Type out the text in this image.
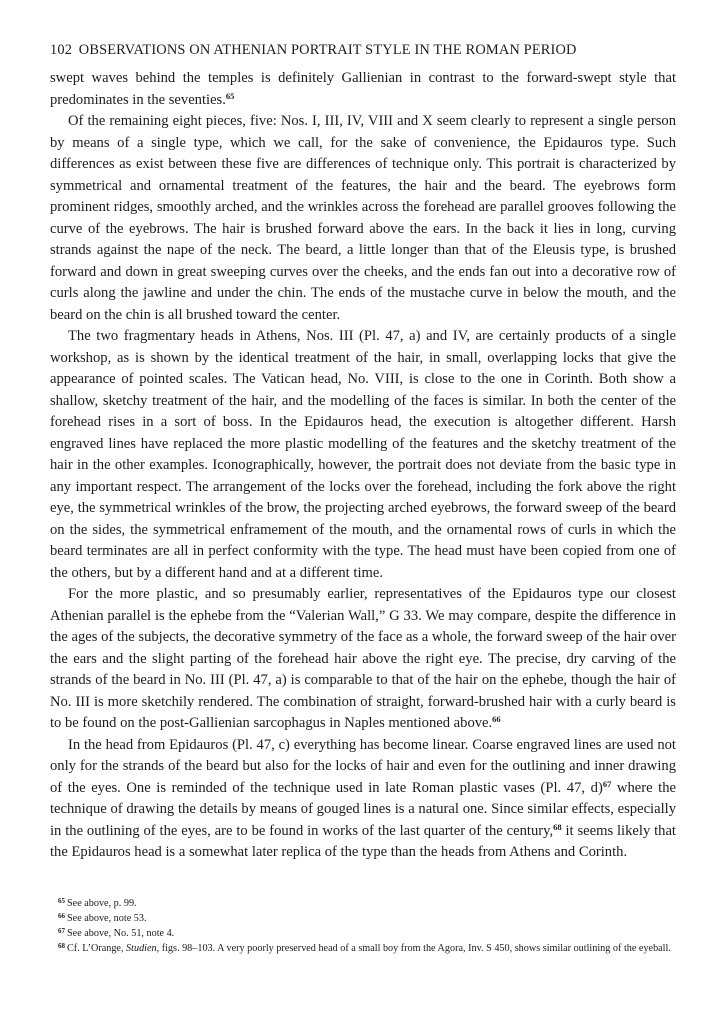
102 OBSERVATIONS ON ATHENIAN PORTRAIT STYLE IN THE ROMAN PERIOD

swept waves behind the temples is definitely Gallienian in contrast to the forward-swept style that predominates in the seventies.$^{65}$

Of the remaining eight pieces, five: Nos. I, III, IV, VIII and X seem clearly to represent a single person by means of a single type, which we call, for the sake of convenience, the Epidauros type. Such differences as exist between these five are differences of technique only. This portrait is characterized by symmetrical and ornamental treatment of the features, the hair and the beard. The eyebrows form prominent ridges, smoothly arched, and the wrinkles across the forehead are parallel grooves following the curve of the eyebrows. The hair is brushed forward above the ears. In the back it lies in long, curving strands against the nape of the neck. The beard, a little longer than that of the Eleusis type, is brushed forward and down in great sweeping curves over the cheeks, and the ends fan out into a decorative row of curls along the jawline and under the chin. The ends of the mustache curve in below the mouth, and the beard on the chin is all brushed toward the center.

The two fragmentary heads in Athens, Nos. III (Pl. 47, a) and IV, are certainly products of a single workshop, as is shown by the identical treatment of the hair, in small, overlapping locks that give the appearance of pointed scales. The Vatican head, No. VIII, is close to the one in Corinth. Both show a shallow, sketchy treatment of the hair, and the modelling of the faces is similar. In both the center of the forehead rises in a sort of boss. In the Epidauros head, the execution is altogether different. Harsh engraved lines have replaced the more plastic modelling of the features and the sketchy treatment of the hair in the other examples. Iconographically, however, the portrait does not deviate from the basic type in any important respect. The arrangement of the locks over the forehead, including the fork above the right eye, the symmetrical wrinkles of the brow, the projecting arched eyebrows, the forward sweep of the beard on the sides, the symmetrical enframement of the mouth, and the ornamental rows of curls in which the beard terminates are all in perfect conformity with the type. The head must have been copied from one of the others, but by a different hand and at a different time.

For the more plastic, and so presumably earlier, representatives of the Epidauros type our closest Athenian parallel is the ephebe from the “Valerian Wall,” G 33. We may compare, despite the difference in the ages of the subjects, the decorative symmetry of the face as a whole, the forward sweep of the hair over the ears and the slight parting of the forehead hair above the right eye. The precise, dry carving of the strands of the beard in No. III (Pl. 47, a) is comparable to that of the hair on the ephebe, though the hair of No. III is more sketchily rendered. The combination of straight, forward-brushed hair with a curly beard is to be found on the post-Gallienian sarcophagus in Naples mentioned above.$^{66}$

In the head from Epidauros (Pl. 47, c) everything has become linear. Coarse engraved lines are used not only for the strands of the beard but also for the locks of hair and even for the outlining and inner drawing of the eyes. One is reminded of the technique used in late Roman plastic vases (Pl. 47, d)$^{67}$ where the technique of drawing the details by means of gouged lines is a natural one. Since similar effects, especially in the outlining of the eyes, are to be found in works of the last quarter of the century,$^{68}$ it seems likely that the Epidauros head is a somewhat later replica of the type than the heads from Athens and Corinth.

$^{65}$ See above, p. 99.

$^{66}$ See above, note 53.

$^{67}$ See above, No. 51, note 4.

$^{68}$ Cf. L’Orange, Studien, figs. 98–103. A very poorly preserved head of a small boy from the Agora, Inv. S 450, shows similar outlining of the eyeball.
